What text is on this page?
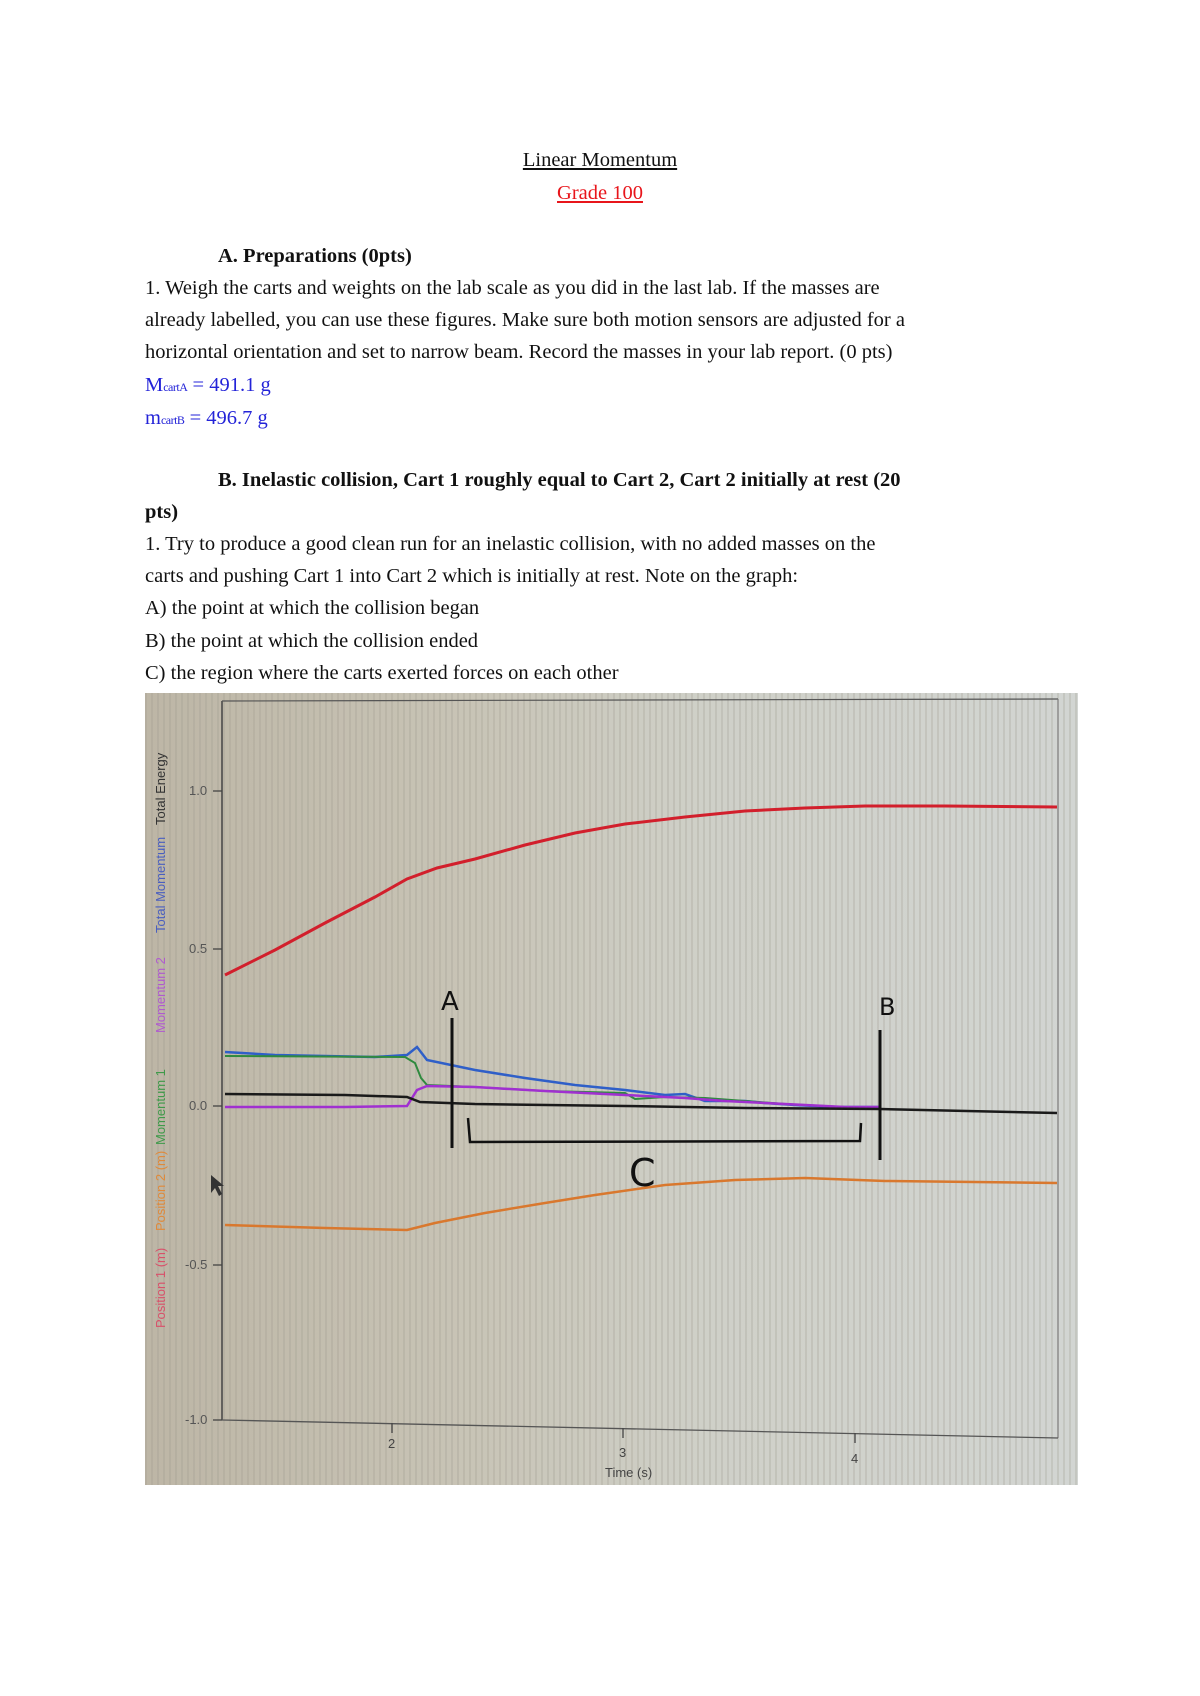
Linear Momentum
Grade 100
A. Preparations (0pts)
1. Weigh the carts and weights on the lab scale as you did in the last lab. If the masses are
already labelled, you can use these figures. Make sure both motion sensors are adjusted for a
horizontal orientation and set to narrow beam. Record the masses in your lab report. (0 pts)
McartA = 491.1 g
mcartB = 496.7 g
B. Inelastic collision, Cart 1 roughly equal to Cart 2, Cart 2 initially at rest (20
pts)
1. Try to produce a good clean run for an inelastic collision, with no added masses on the
carts and pushing Cart 1 into Cart 2 which is initially at rest. Note on the graph:
A) the point at which the collision began
B) the point at which the collision ended
C) the region where the carts exerted forces on each other
1.0
0.5
0.0
-0.5
-1.0
2
3	4
Time (s)
Position 1 (m)
Position 2 (m)
Momentum 1
Momentum 2
Total Momentum
Total Energy
A	B
C
